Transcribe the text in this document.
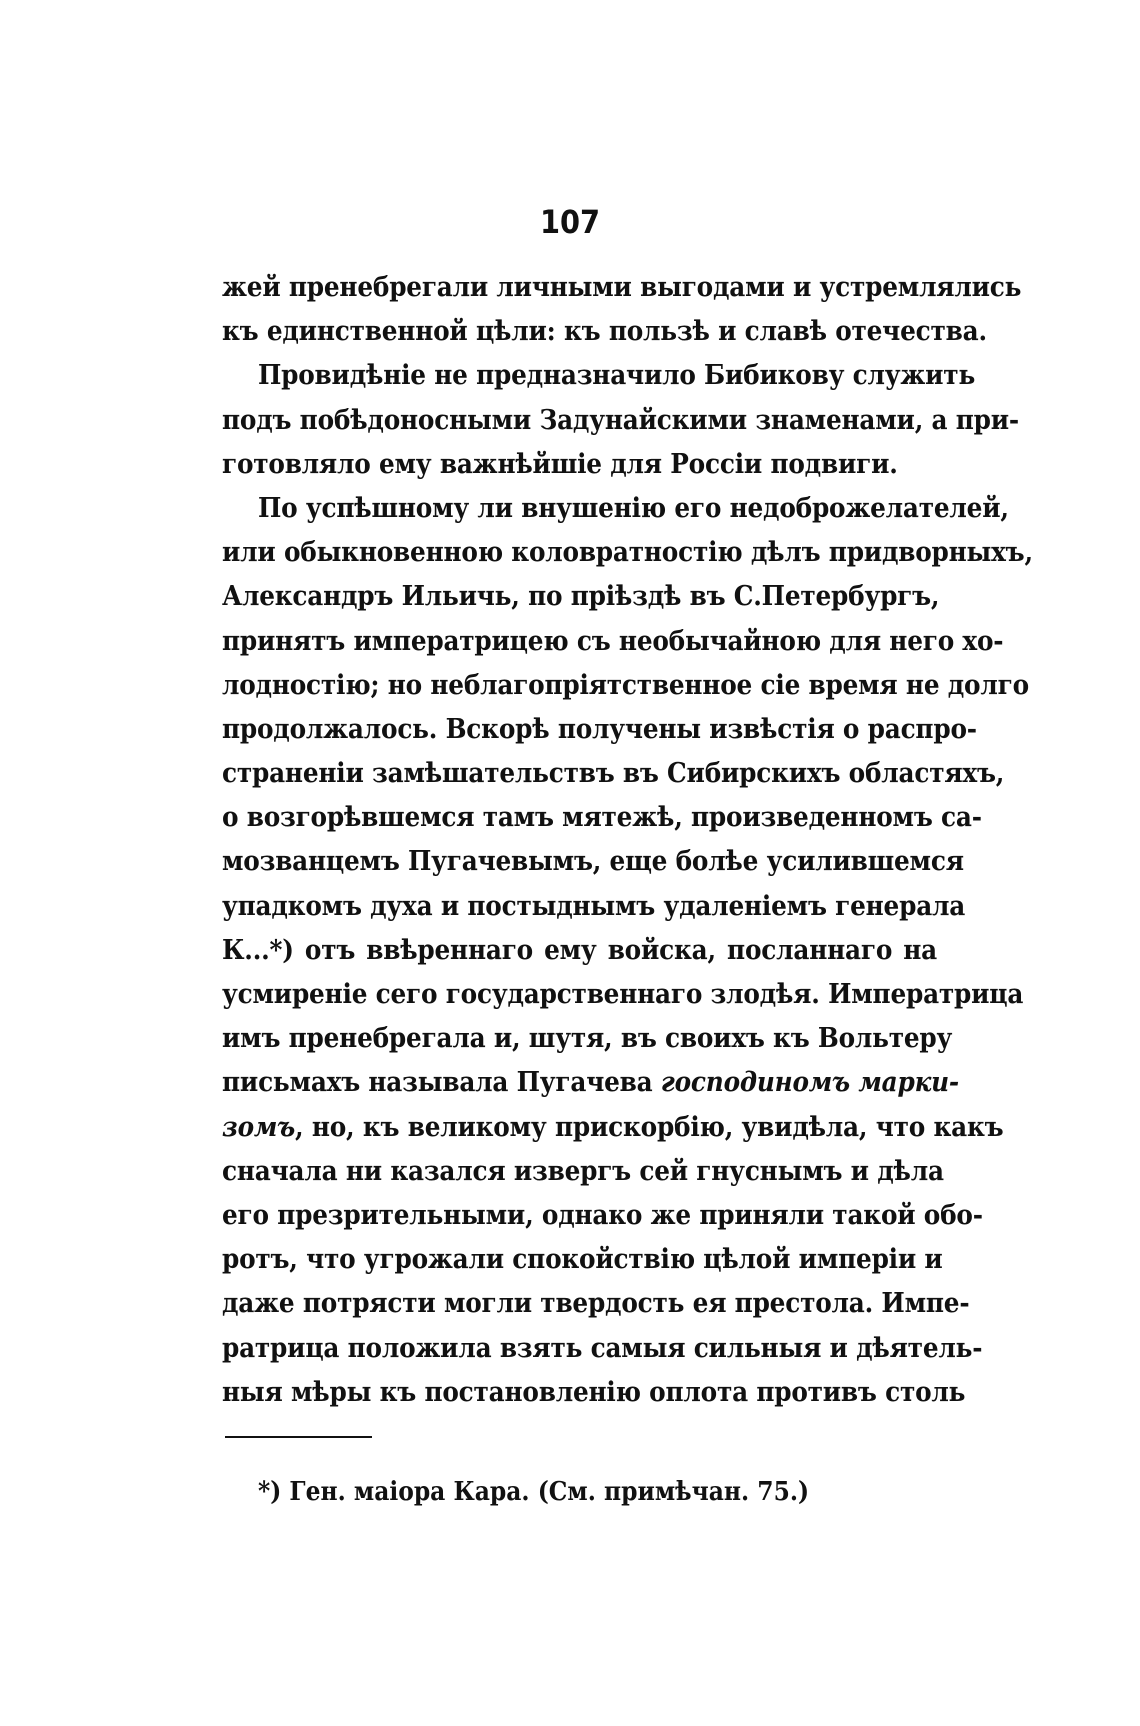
107
жей пренебрегали личными выгодами и устремлялись
къ единственной цѣли: къ пользѣ и славѣ отечества.
Провидѣніе не предназначило Бибикову служить
подъ побѣдоносными Задунайскими знаменами, а при-
готовляло ему важнѣйшіе для Россіи подвиги.
По успѣшному ли внушенію его недоброжелателей,
или обыкновенною коловратностію дѣлъ придворныхъ,
Александръ Ильичь, по пріѣздѣ въ С.Петербургъ,
принятъ императрицею съ необычайною для него хо-
лодностію; но неблагопріятственное сіе время не долго
продолжалось. Вскорѣ получены извѣстія о распро-
страненіи замѣшательствъ въ Сибирскихъ областяхъ,
о возгорѣвшемся тамъ мятежѣ, произведенномъ са-
мозванцемъ Пугачевымъ, еще болѣе усилившемся
упадкомъ духа и постыднымъ удаленіемъ генерала
К...*) отъ ввѣреннаго ему войска, посланнаго на
усмиреніе сего государственнаго злодѣя. Императрица
имъ пренебрегала и, шутя, въ своихъ къ Вольтеру
письмахъ называла Пугачева господиномъ марки-
зомъ, но, къ великому прискорбію, увидѣла, что какъ
сначала ни казался извергъ сей гнуснымъ и дѣла
его презрительными, однако же приняли такой обо-
ротъ, что угрожали спокойствію цѣлой имперіи и
даже потрясти могли твердость ея престола. Импе-
ратрица положила взять самыя сильныя и дѣятель-
ныя мѣры къ постановленію оплота противъ столь
*) Ген. маіора Кара. (См. примѣчан. 75.)
